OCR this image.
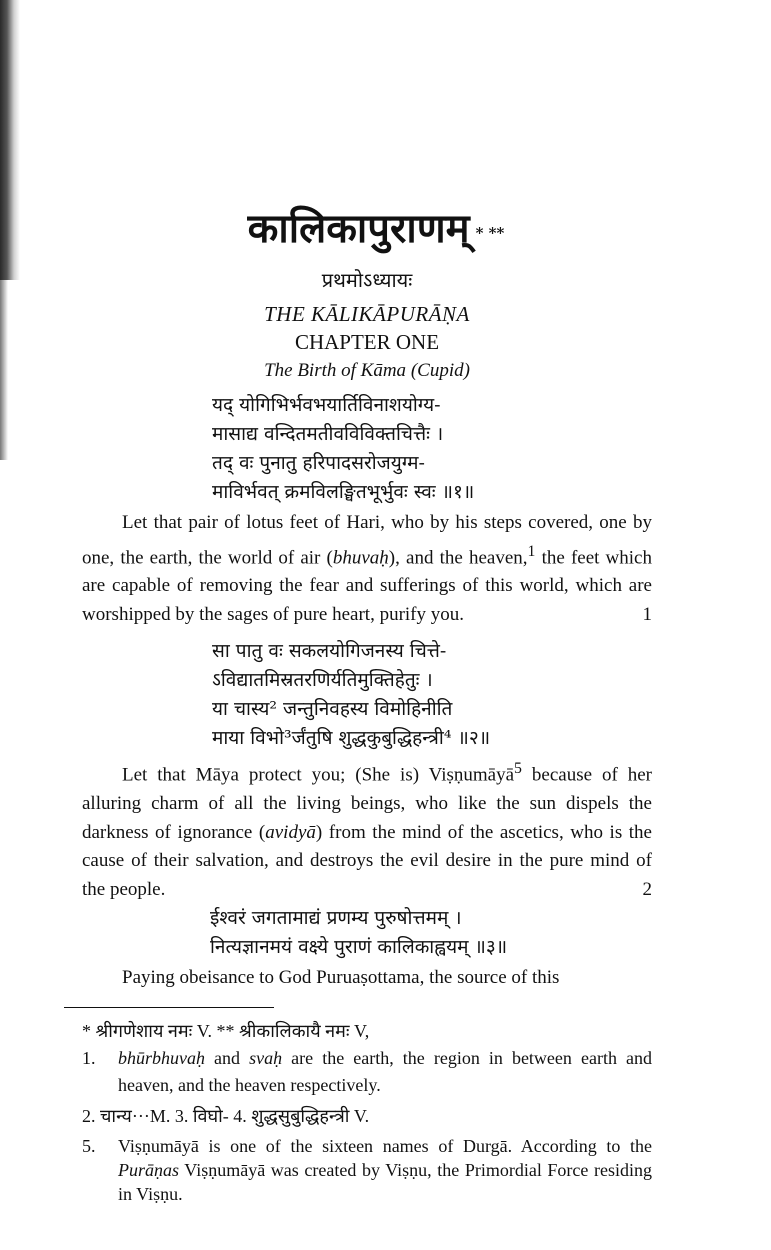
कालिकापुराणम् * **
प्रथमोऽध्यायः
THE KĀLIKĀPURĀṆA
CHAPTER ONE
The Birth of Kāma (Cupid)
यद् योगिभिर्भवभयार्तिविनाशयोग्य-
मासाद्य वन्दितमतीवविविक्तचित्तैः ।
तद् वः पुनातु हरिपादसरोजयुग्म-
माविर्भवत् क्रमविलङ्घितभूर्भुवः स्वः ॥१॥
Let that pair of lotus feet of Hari, who by his steps covered, one by one, the earth, the world of air (bhuvaḥ), and the heaven,$^1$ the feet which are capable of removing the fear and sufferings of this world, which are worshipped by the sages of pure heart, purify you.	1
सा पातु वः सकलयोगिजनस्य चित्ते-
ऽविद्यातमिस्रतरणिर्यतिमुक्तिहेतुः ।
या चास्य² जन्तुनिवहस्य विमोहिनीति
माया विभो³र्जंतुषि शुद्धकुबुद्धिहन्त्री⁴ ॥२॥
Let that Māya protect you; (She is) Viṣṇumāyā$^5$ because of her alluring charm of all the living beings, who like the sun dispels the darkness of ignorance (avidyā) from the mind of the ascetics, who is the cause of their salvation, and destroys the evil desire in the pure mind of the people.	2
ईश्वरं जगतामाद्यं प्रणम्य पुरुषोत्तमम् ।
नित्यज्ञानमयं वक्ष्ये पुराणं कालिकाह्वयम् ॥३॥
Paying obeisance to God Puruaṣottama, the source of this
* श्रीगणेशाय नमः V. ** श्रीकालिकायै नमः V,
1.	bhūrbhuvaḥ and svaḥ are the earth, the region in between earth and heaven, and the heaven respectively.
2. चान्य···M. 3. विघो- 4. शुद्धसुबुद्धिहन्त्री V.
5.	Viṣṇumāyā is one of the sixteen names of Durgā. According to the Purāṇas Viṣṇumāyā was created by Viṣṇu, the Primordial Force residing in Viṣṇu.
